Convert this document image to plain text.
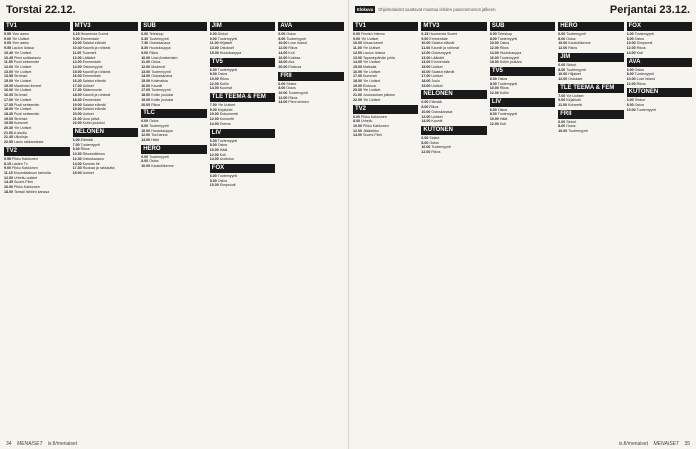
Torstai 22.12.
TV1
5.55 Ylen aamu
9.00 Yle Uutiset
9.05 Ylen aamu
9.55 Laulun Iloissa
10.40 Yle Uutiset
10.45 Pieni sotilaslaulu
11.55 Puoli seitsemän
12.00 Yle Uutiset
13.00 Yle Uutiset
13.55 Strömsö
15.00 Yle Uutiset
15.05 Maailman ihmeet
16.00 Yle Uutiset
16.05 Strömsö
17.00 Yle Uutiset
17.05 Puoli seitsemän
18.00 Yle Uutiset
18.30 Puoli seitsemän
19.00 Strömsö
19.55 Kummeli
20.30 Yle Uutiset
21.00 A-studio
21.45 Ulkolinja
22.55 Laulu rakkaudesta
TV2
5.55 Pikku Kakkonen
8.15 Lasten Tv
9.00 Pikku Kakkonen
11.15 Muumilaakson tarinoita
12.00 Urheilu-uutiset
14.45 Suomi-Filmi
16.00 Pikku Kakkonen
18.00 Tanssii tähtien kanssa
MTV3
6.15 Huomenta Suomi
9.00 Emmerdale
10.00 Salatut elämät
10.40 Kauniit ja rohkeat
11.00 Tuomarit
12.00 Lääkärit
13.00 Emmerdale
14.00 Ostosmyynti
15.00 Kauniit ja rohkeat
16.00 Emmerdale
16.30 Salatut elämät
17.00 Uutiset
17.30 Sääennuste
18.00 Kauniit ja rohkeat
18.30 Emmerdale
19.00 Salatut elämät
19.30 Salatut elämät
20.00 Uutiset
21.00 Uusi päivä
22.00 Kotiin jouluksi
NELONEN
6.00 Elämää
7.00 Tuotemyynti
8.30 Rikos
10.30 Rikostutkimus
12.30 Ostoskanava
14.00 Kunnan tie
17.30 Ruokaa ja rakkautta
19.00 Uutiset
SUB
6.00 Teleshop
6.30 Tuotemyynti
7.30 Ostoskanava
8.30 Huutokauppa
9.00 Rikos
10.00 Uusi Amsterdam
11.00 Ostos
12.00 Modernit
13.00 Tuotemyynti
14.00 Ostoskanava
15.00 Kotimaisia
16.00 Kauniit
17.00 Tuotemyynti
18.00 Kotiin jouluksi
19.00 Kotiin jouluksi
20.00 Rikos
TLC
6.00 Ostos
8.00 Tuotemyynti
10.00 Huutokauppa
12.00 Tosi tarina
14.00 Häät
HERO
6.00 Tuotemyynti
8.00 Ostos
10.00 Kaukoliikenne
JIM
6.00 Sinkut
9.00 Tuotemyynti
11.00 Hiljaiset
13.00 Ostokset
15.00 Huutokauppa
TV5
6.00 Tuotemyynti
8.00 Ostos
10.00 Rikos
12.00 Kotiin
14.00 Kuumat
TLE TEEMA & FEM
7.00 Yle Uutiset
9.00 Kirjaklubi
10.00 Dokumentti
12.00 Konsertti
14.00 Teema
LIV
6.00 Tuotemyynti
8.00 Ostos
10.00 Häät
12.00 Koti
14.00 Uudistus
FOX
6.00 Tuotemyynti
8.00 Ostos
10.00 Simpsonit
AVA
6.00 Ostos
8.00 Tuotemyynti
10.00 Love Island
12.00 Rikos
14.00 Koti
16.00 Kokkaa
18.00 Ava
20.00 Elokuva
FRII
6.00 Sinkut
8.00 Ostos
10.00 Tuotemyynti
12.00 Rikos
14.00 Pieni sininen
34 MENAISET is.fi/menaiset
Elokuva	Ohjelmatiedot saattavat muuttua lehden painoonmenon jälkeen.	Perjantai 23.12.
TV1
6.00 Finnish Inferno
9.00 Yle Uutiset
10.00 Viisas kaveri
11.00 Yle Uutiset
12.00 Laulun Iloissa
13.00 Tapaninpäivän juhla
14.00 Yle Uutiset
15.00 Matkalla
16.00 Yle Uutiset
17.00 Kummeli
18.00 Yle Uutiset
19.00 Elokuva
20.00 Yle Uutiset
21.00 Joulurauhan julistus
22.00 Yle Uutiset
TV2
6.00 Pikku Kakkonen
8.00 Urheilu
10.00 Pikku Kakkonen
12.00 Jääkiekko
14.00 Suomi-Filmi
MTV3
6.15 Huomenta Suomi
9.00 Emmerdale
10.00 Salatut elämät
11.00 Kauniit ja rohkeat
12.00 Ostosmyynti
13.00 Lääkärit
14.00 Emmerdale
15.00 Uutiset
16.00 Salatut elämät
17.00 Uutiset
18.00 Joulu
19.00 Uutiset
NELONEN
6.00 Elämää
8.00 Rikos
10.00 Ostoskanava
12.00 Uutiset
14.00 Kauniit
KUTONEN
6.00 Sinkut
8.00 Ostos
10.00 Tuotemyynti
12.00 Rikos
SUB
6.00 Teleshop
8.00 Tuotemyynti
10.00 Ostos
12.00 Rikos
14.00 Huutokauppa
16.00 Tuotemyynti
18.00 Kotiin jouluksi
TV5
6.00 Ostos
8.00 Tuotemyynti
10.00 Rikos
12.00 Kotiin
LIV
6.00 Ostos
8.00 Tuotemyynti
10.00 Häät
12.00 Koti
HERO
6.00 Tuotemyynti
8.00 Ostos
10.00 Kaukoliikenne
12.00 Rikos
JIM
6.00 Sinkut
8.00 Tuotemyynti
10.00 Hiljaiset
12.00 Ostokset
TLE TEEMA & FEM
7.00 Yle Uutiset
9.00 Kirjaklubi
11.00 Konsertti
FRII
6.00 Sinkut
8.00 Ostos
10.00 Tuotemyynti
FOX
6.00 Tuotemyynti
8.00 Ostos
10.00 Simpsonit
12.00 Rikos
14.00 Koti
AVA
6.00 Ostos
8.00 Tuotemyynti
10.00 Love Island
12.00 Rikos
KUTONEN
6.00 Sinkut
8.00 Ostos
10.00 Tuotemyynti
is.fi/menaiset MENAISET 35
